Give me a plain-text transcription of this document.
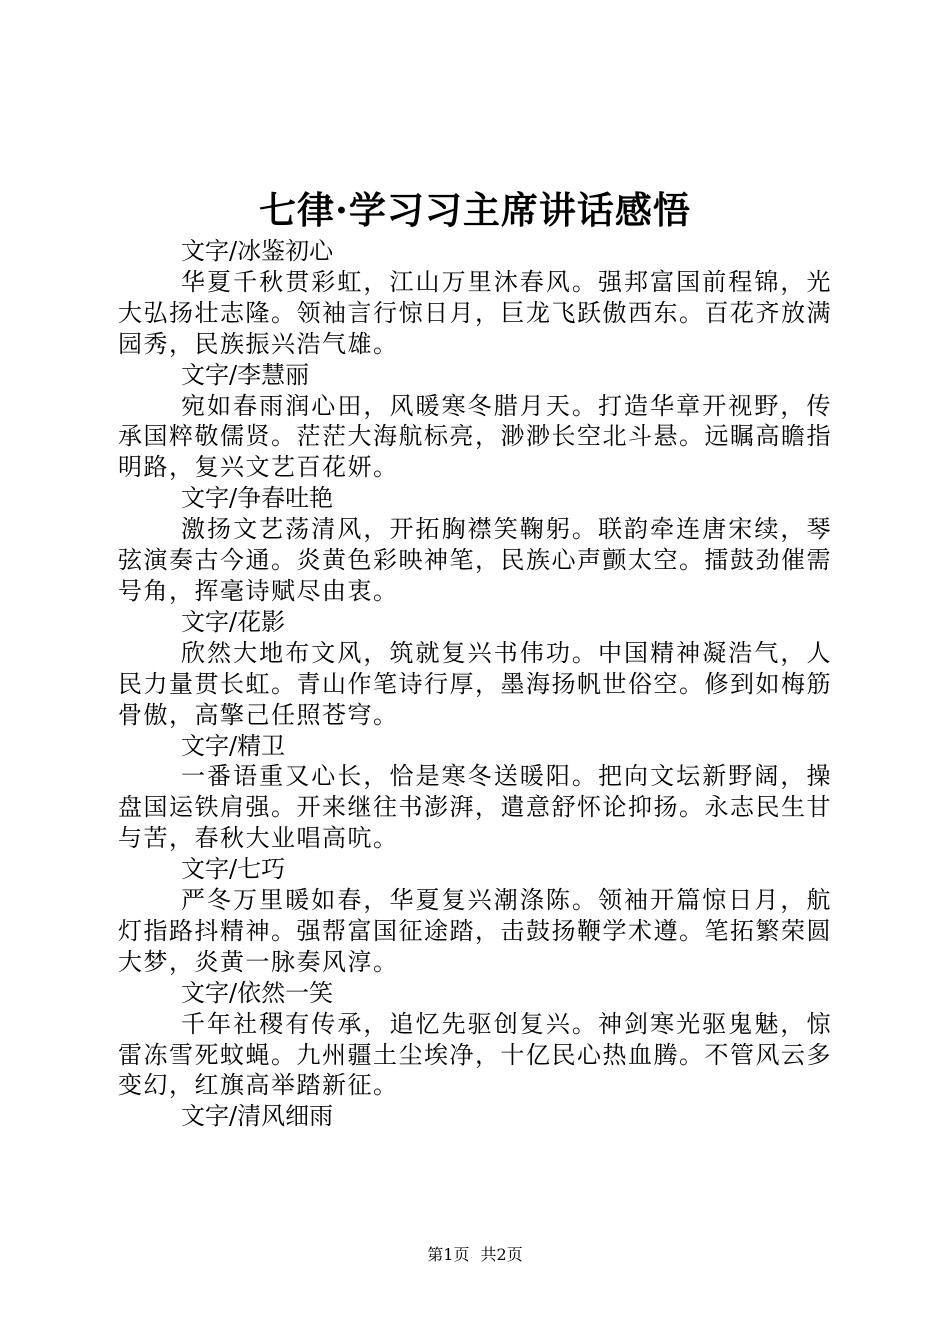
七律·学习习主席讲话感悟

文字/冰鉴初心

华夏千秋贯彩虹，江山万里沐春风。强邦富国前程锦，光大弘扬壮志隆。领袖言行惊日月，巨龙飞跃傲西东。百花齐放满园秀，民族振兴浩气雄。

文字/李慧丽

宛如春雨润心田，风暖寒冬腊月天。打造华章开视野，传承国粹敬儒贤。茫茫大海航标亮，渺渺长空北斗悬。远瞩高瞻指明路，复兴文艺百花妍。

文字/争春吐艳

激扬文艺荡清风，开拓胸襟笑鞠躬。联韵牵连唐宋续，琴弦演奏古今通。炎黄色彩映神笔，民族心声颤太空。擂鼓劲催需号角，挥毫诗赋尽由衷。

文字/花影

欣然大地布文风，筑就复兴书伟功。中国精神凝浩气，人民力量贯长虹。青山作笔诗行厚，墨海扬帆世俗空。修到如梅筋骨傲，高擎己任照苍穹。

文字/精卫

一番语重又心长，恰是寒冬送暖阳。把向文坛新野阔，操盘国运铁肩强。开来继往书澎湃，遣意舒怀论抑扬。永志民生甘与苦，春秋大业唱高吭。

文字/七巧

严冬万里暖如春，华夏复兴潮涤陈。领袖开篇惊日月，航灯指路抖精神。强帮富国征途踏，击鼓扬鞭学术遵。笔拓繁荣圆大梦，炎黄一脉奏风淳。

文字/依然一笑

千年社稷有传承，追忆先驱创复兴。神剑寒光驱鬼魅，惊雷冻雪死蚊蝇。九州疆土尘埃净，十亿民心热血腾。不管风云多变幻，红旗高举踏新征。

文字/清风细雨

第1页 共2页
